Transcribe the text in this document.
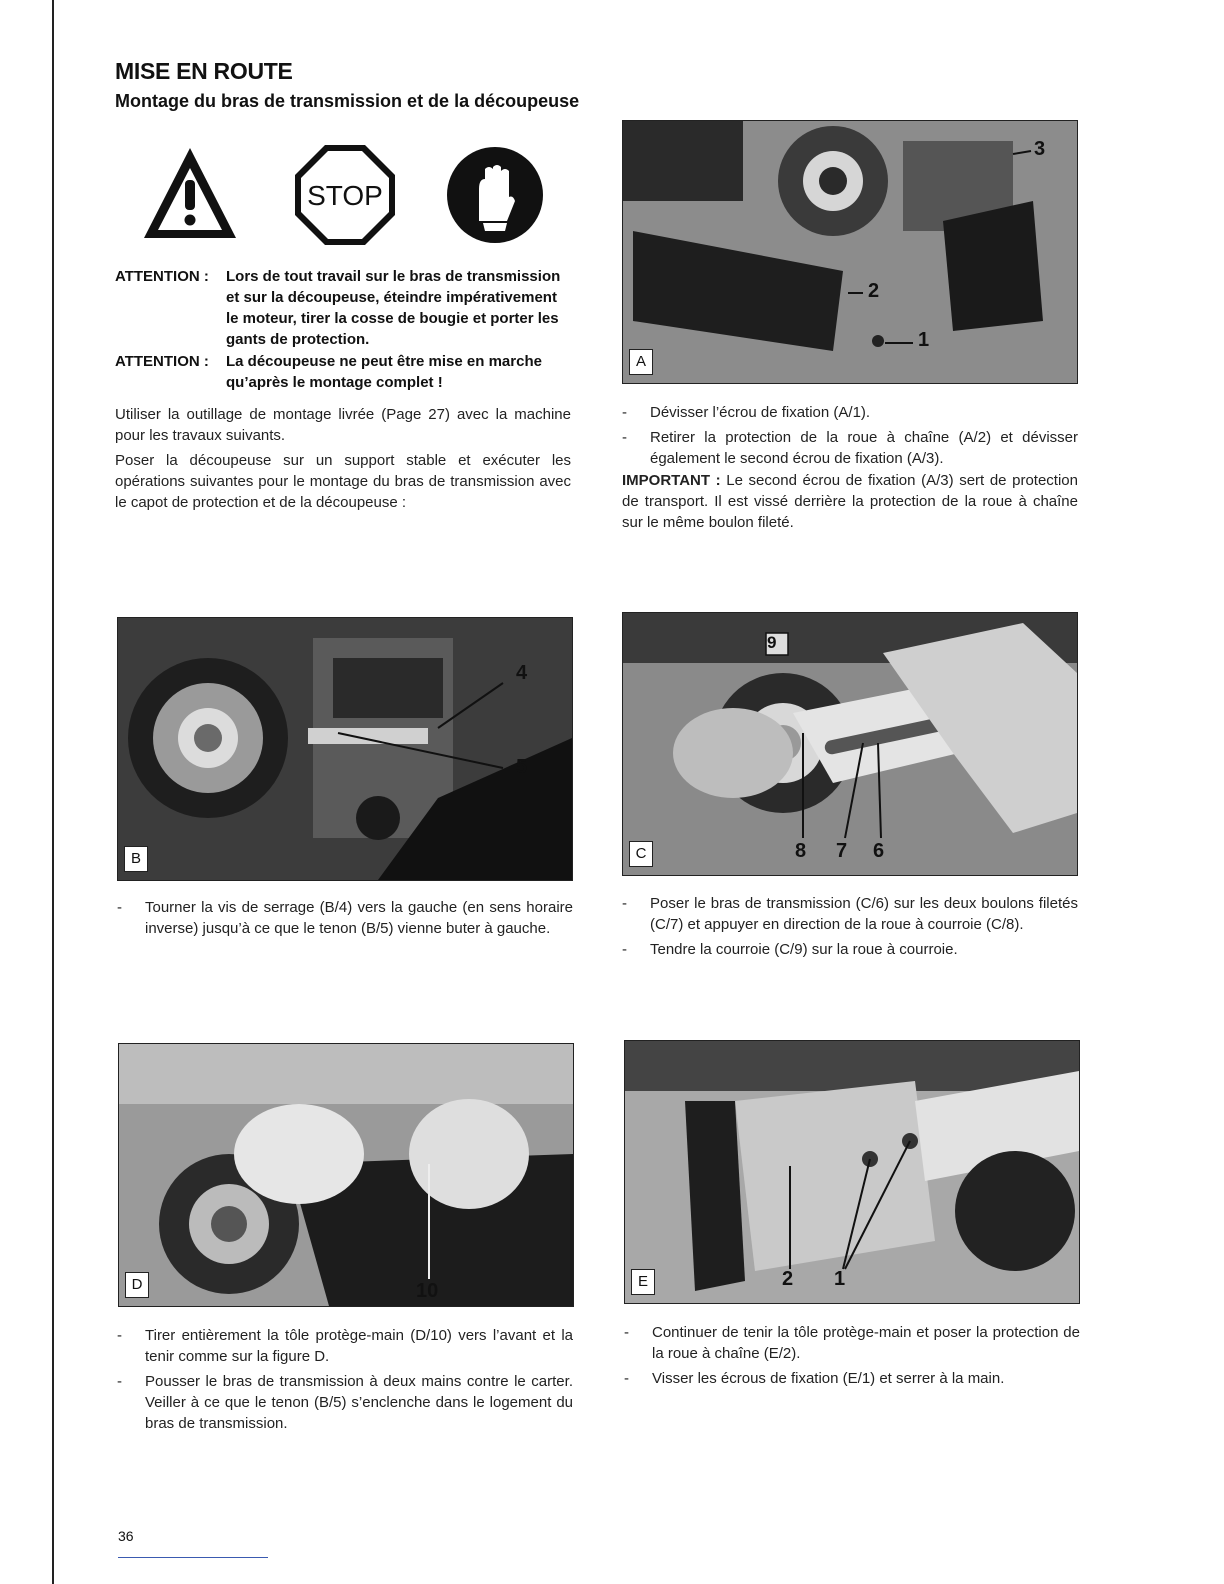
MISE EN ROUTE
Montage du bras de transmission et de la découpeuse
STOP
ATTENTION : Lors de tout travail sur le bras de transmission et sur la découpeuse, éteindre impérativement le moteur, tirer la cosse de bougie et porter les gants de protection.
ATTENTION : La découpeuse ne peut être mise en marche qu’après le montage complet !
Utiliser la outillage de montage livrée (Page 27) avec la machine pour les travaux suivants.
Poser la découpeuse sur un support stable et exécuter les opérations suivantes pour le montage du bras de transmission avec le capot de protection et de la découpeuse :
A
3
2
1
- Dévisser l’écrou de fixation (A/1).
- Retirer la protection de la roue à chaîne (A/2) et dévisser également le second écrou de fixation (A/3).
IMPORTANT : Le second écrou de fixation (A/3) sert de protection de transport. Il est vissé derrière la protection de la roue à chaîne sur le même boulon fileté.
B
4
5
- Tourner la vis de serrage (B/4) vers la gauche (en sens horaire inverse) jusqu’à ce que le tenon (B/5) vienne buter à gauche.
C
9
8 7 6
- Poser le bras de transmission (C/6) sur les deux boulons filetés (C/7) et appuyer en direction de la roue à courroie (C/8).
- Tendre la courroie (C/9) sur la roue à courroie.
D	10
- Tirer entièrement la tôle protège-main (D/10) vers l’avant et la tenir comme sur la figure D.
- Pousser le bras de transmission à deux mains contre le carter. Veiller à ce que le tenon (B/5) s’enclenche dans le logement du bras de transmission.
E	2 1
- Continuer de tenir la tôle protège-main et poser la protection de la roue à chaîne (E/2).
- Visser les écrous de fixation (E/1) et serrer à la main.
36
